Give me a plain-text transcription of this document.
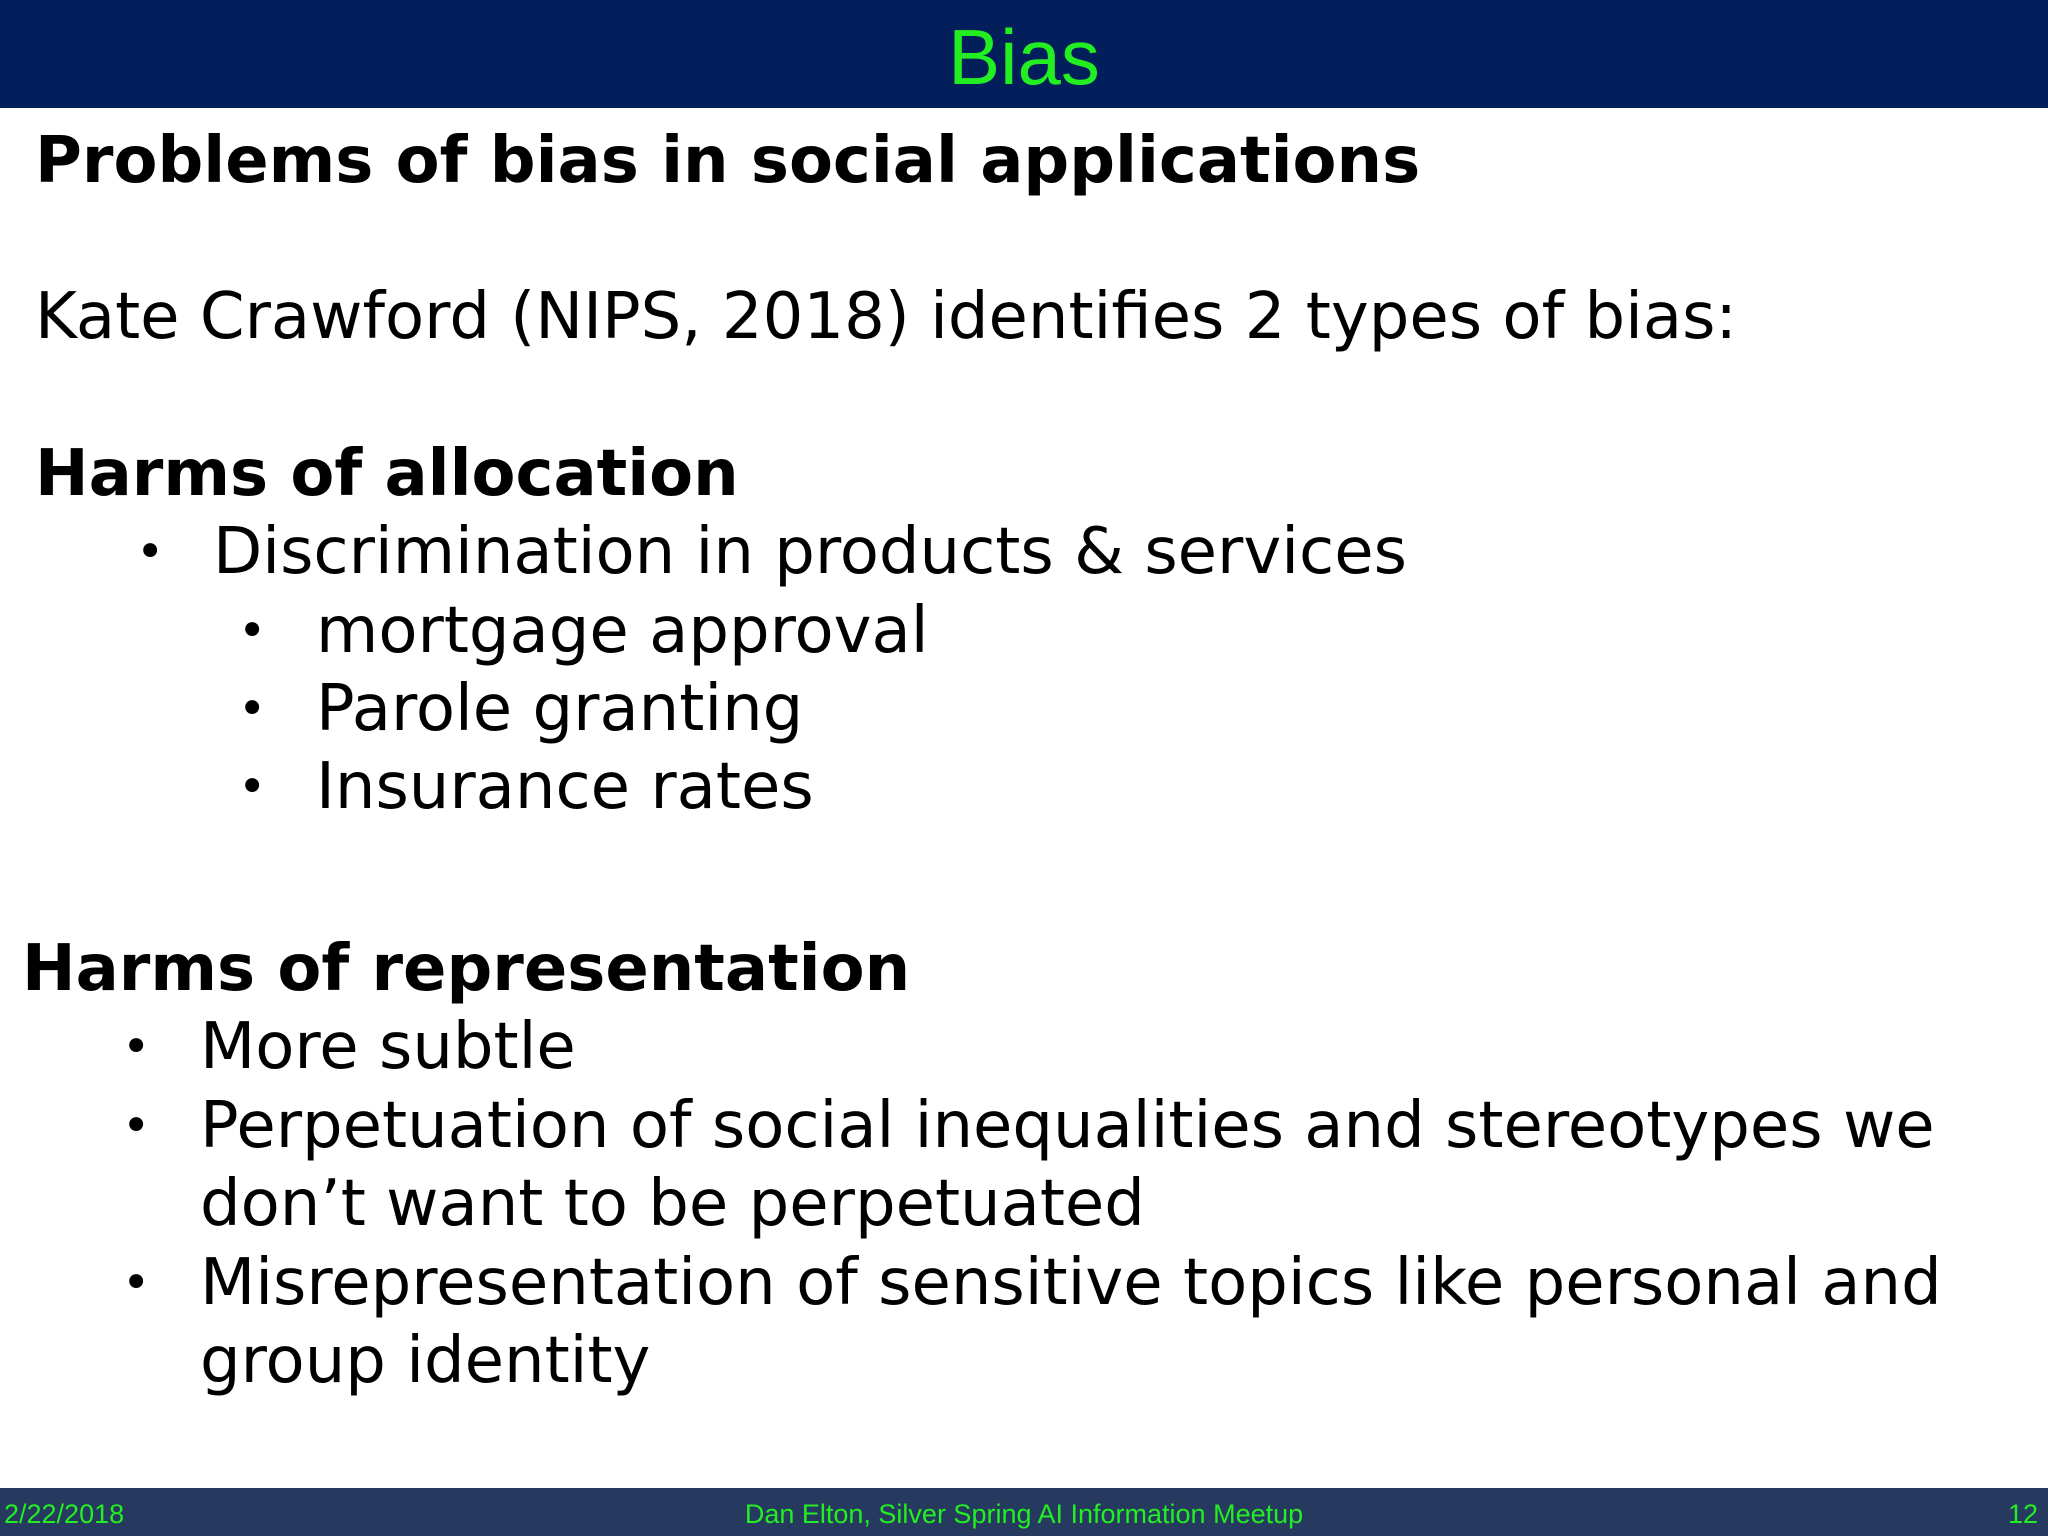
Bias
Problems of bias in social applications
Kate Crawford (NIPS, 2018) identifies 2 types of bias:
Harms of allocation
• Discrimination in products & services
• mortgage approval
• Parole granting
• Insurance rates
Harms of representation
• More subtle
• Perpetuation of social inequalities and stereotypes we
don’t want to be perpetuated
• Misrepresentation of sensitive topics like personal and
group identity
2/22/2018	Dan Elton, Silver Spring AI Information Meetup	12
